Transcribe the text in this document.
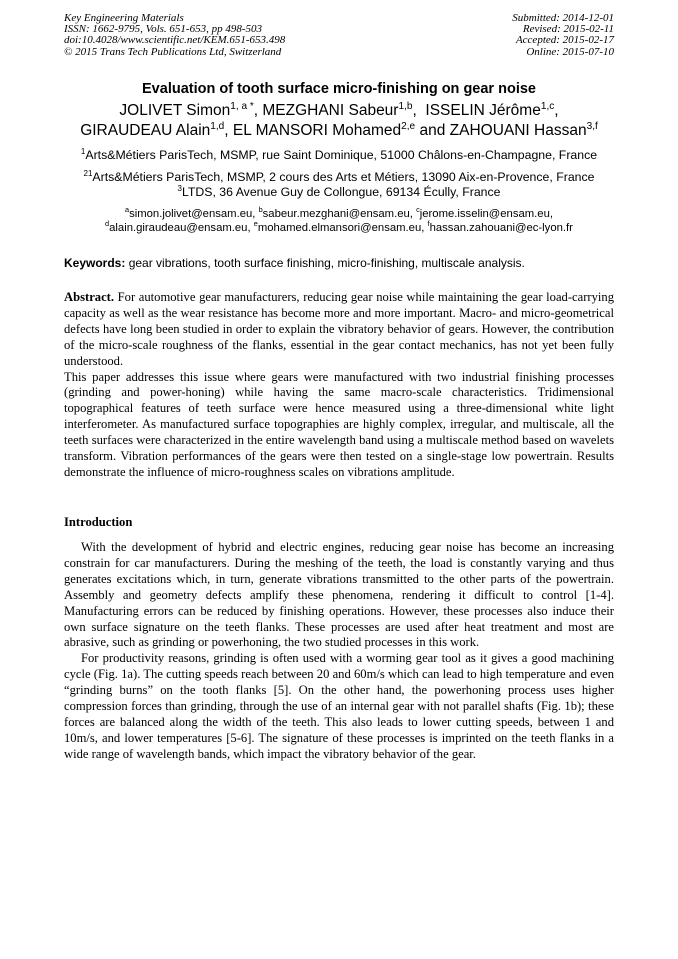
Key Engineering Materials
ISSN: 1662-9795, Vols. 651-653, pp 498-503
doi:10.4028/www.scientific.net/KEM.651-653.498
© 2015 Trans Tech Publications Ltd, Switzerland
Submitted: 2014-12-01
Revised: 2015-02-11
Accepted: 2015-02-17
Online: 2015-07-10
Evaluation of tooth surface micro-finishing on gear noise
JOLIVET Simon$^{1, a *}$, MEZGHANI Sabeur$^{1,b}$,  ISSELIN Jérôme$^{1,c}$,
GIRAUDEAU Alain$^{1,d}$, EL MANSORI Mohamed$^{2,e}$ and ZAHOUANI Hassan$^{3,f}$
$^1$Arts&Métiers ParisTech, MSMP, rue Saint Dominique, 51000 Châlons-en-Champagne, France
$^{21}$Arts&Métiers ParisTech, MSMP, 2 cours des Arts et Métiers, 13090 Aix-en-Provence, France
$^3$LTDS, 36 Avenue Guy de Collongue, 69134 Écully, France
$^a$simon.jolivet@ensam.eu, $^b$sabeur.mezghani@ensam.eu, $^c$jerome.isselin@ensam.eu,
$^d$alain.giraudeau@ensam.eu, $^e$mohamed.elmansori@ensam.eu, $^f$hassan.zahouani@ec-lyon.fr
Keywords: gear vibrations, tooth surface finishing, micro-finishing, multiscale analysis.

Abstract. For automotive gear manufacturers, reducing gear noise while maintaining the gear load-carrying capacity as well as the wear resistance has become more and more important. Macro- and micro-geometrical defects have long been studied in order to explain the vibratory behavior of gears. However, the contribution of the micro-scale roughness of the flanks, essential in the gear contact mechanics, has not yet been fully understood.

This paper addresses this issue where gears were manufactured with two industrial finishing processes (grinding and power-honing) while having the same macro-scale characteristics. Tridimensional topographical features of teeth surface were hence measured using a three-dimensional white light interferometer. As manufactured surface topographies are highly complex, irregular, and multiscale, all the teeth surfaces were characterized in the entire wavelength band using a multiscale method based on wavelets transform. Vibration performances of the gears were then tested on a single-stage low powertrain. Results demonstrate the influence of micro-roughness scales on vibrations amplitude.

Introduction

With the development of hybrid and electric engines, reducing gear noise has become an increasing constrain for car manufacturers. During the meshing of the teeth, the load is constantly varying and thus generates excitations which, in turn, generate vibrations transmitted to the other parts of the powertrain. Assembly and geometry defects amplify these phenomena, rendering it difficult to control [1-4]. Manufacturing errors can be reduced by finishing operations. However, these processes also induce their own surface signature on the teeth flanks. These processes are used after heat treatment and most are abrasive, such as grinding or powerhoning, the two studied processes in this work.

For productivity reasons, grinding is often used with a worming gear tool as it gives a good machining cycle (Fig. 1a). The cutting speeds reach between 20 and 60m/s which can lead to high temperature and even “grinding burns” on the tooth flanks [5]. On the other hand, the powerhoning process uses higher compression forces than grinding, through the use of an internal gear with not parallel shafts (Fig. 1b); these forces are balanced along the width of the teeth. This also leads to lower cutting speeds, between 1 and 10m/s, and lower temperatures [5-6]. The signature of these processes is imprinted on the teeth flanks in a wide range of wavelength bands, which impact the vibratory behavior of the gear.
